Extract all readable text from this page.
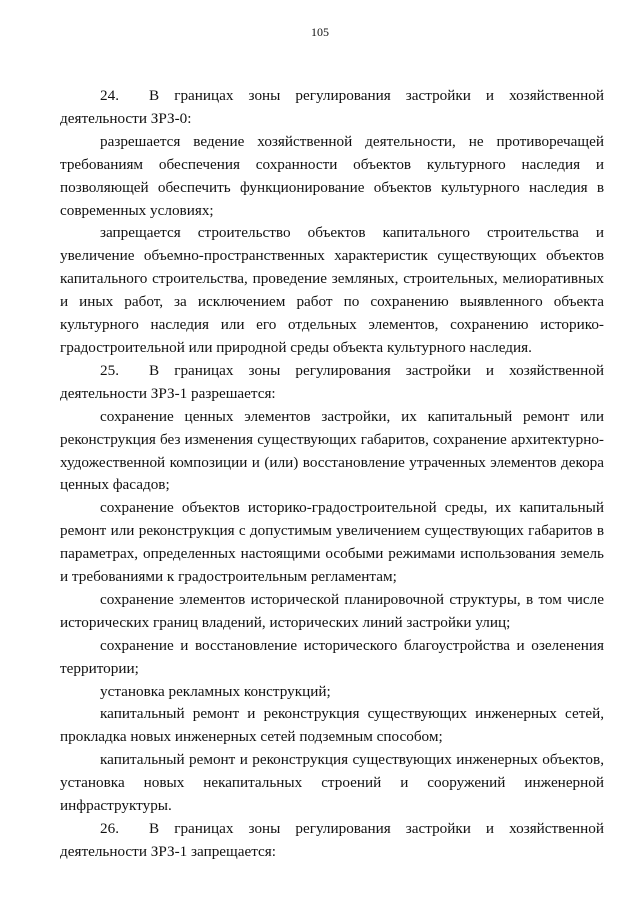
105

24.  В границах зоны регулирования застройки и хозяйственной деятельности ЗРЗ-0:

разрешается ведение хозяйственной деятельности, не противоречащей требованиям обеспечения сохранности объектов культурного наследия и позволяющей обеспечить функционирование объектов культурного наследия в современных условиях;

запрещается строительство объектов капитального строительства и увеличение объемно-пространственных характеристик существующих объектов капитального строительства, проведение земляных, строительных, мелиоративных и иных работ, за исключением работ по сохранению выявленного объекта культурного наследия или его отдельных элементов, сохранению историко-градостроительной или природной среды объекта культурного наследия.

25.  В границах зоны регулирования застройки и хозяйственной деятельности ЗРЗ-1 разрешается:

сохранение ценных элементов застройки, их капитальный ремонт или реконструкция без изменения существующих габаритов, сохранение архитектурно-художественной композиции и (или) восстановление утраченных элементов декора ценных фасадов;

сохранение объектов историко-градостроительной среды, их капитальный ремонт или реконструкция с допустимым увеличением существующих габаритов в параметрах, определенных настоящими особыми режимами использования земель и требованиями к градостроительным регламентам;

сохранение элементов исторической планировочной структуры, в том числе исторических границ владений, исторических линий застройки улиц;

сохранение и восстановление исторического благоустройства и озеленения территории;

установка рекламных конструкций;

капитальный ремонт и реконструкция существующих инженерных сетей, прокладка новых инженерных сетей подземным способом;

капитальный ремонт и реконструкция существующих инженерных объектов, установка новых некапитальных строений и сооружений инженерной инфраструктуры.

26.  В границах зоны регулирования застройки и хозяйственной деятельности ЗРЗ-1 запрещается:
